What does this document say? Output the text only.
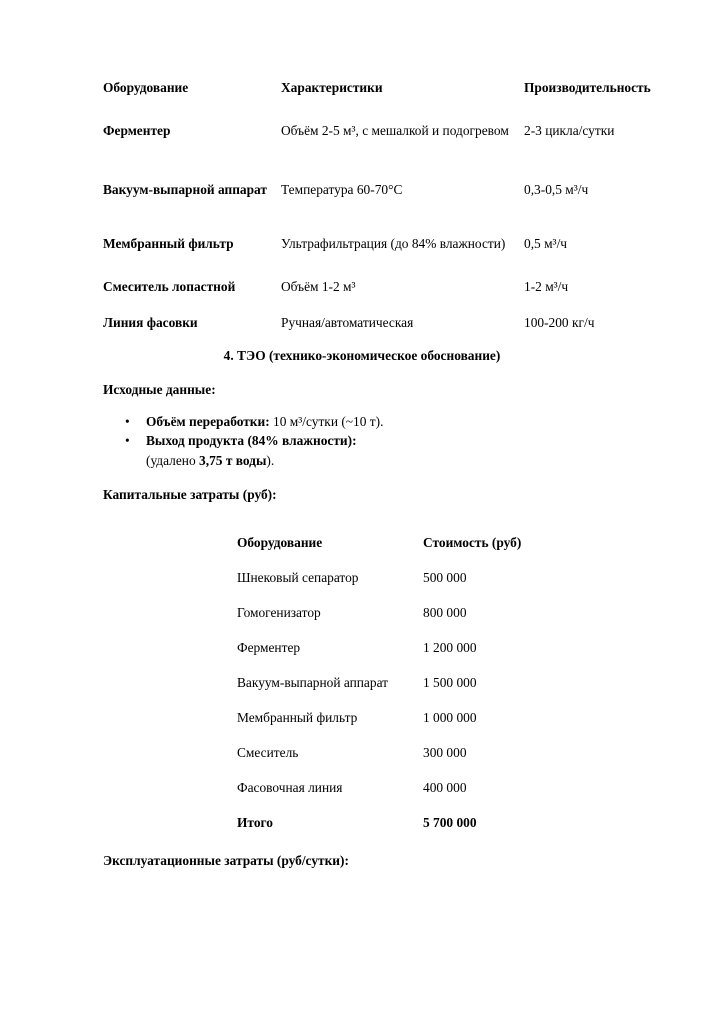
Оборудование	Характеристики	Производительность
Ферментер	Объём 2-5 м³, с мешалкой и подогревом	2-3 цикла/сутки
Вакуум-выпарной аппарат	Температура 60-70°C	0,3-0,5 м³/ч
Мембранный фильтр	Ультрафильтрация (до 84% влажности)	0,5 м³/ч
Смеситель лопастной	Объём 1-2 м³	1-2 м³/ч
Линия фасовки	Ручная/автоматическая	100-200 кг/ч
4. ТЭО (технико-экономическое обоснование)
Исходные данные:
• Объём переработки: 10 м³/сутки (~10 т).
• Выход продукта (84% влажности):
(удалено 3,75 т воды).
Капитальные затраты (руб):
Оборудование	Стоимость (руб)
Шнековый сепаратор	500 000
Гомогенизатор	800 000
Ферментер	1 200 000
Вакуум-выпарной аппарат	1 500 000
Мембранный фильтр	1 000 000
Смеситель	300 000
Фасовочная линия	400 000
Итого	5 700 000
Эксплуатационные затраты (руб/сутки):
